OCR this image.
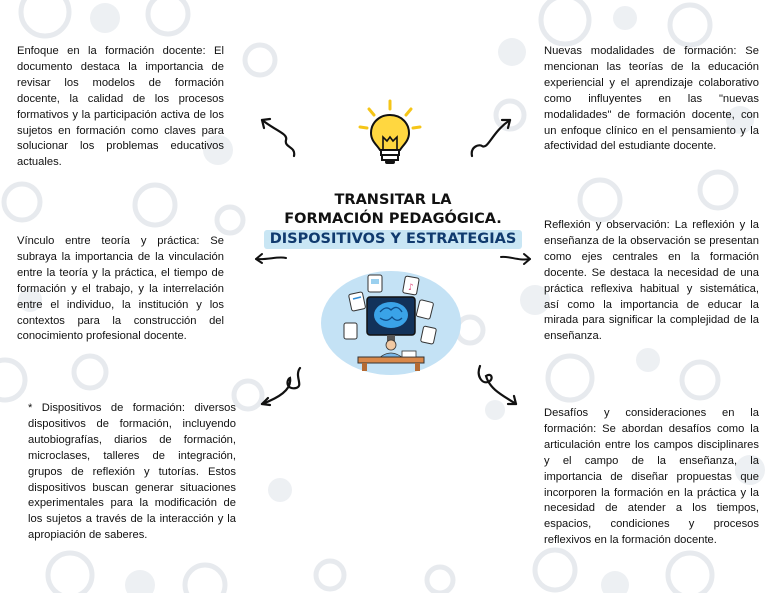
TRANSITAR LA
FORMACIÓN PEDAGÓGICA.
DISPOSITIVOS Y ESTRATEGIAS
♪
Enfoque en la formación docente: El documento destaca la importancia de revisar los modelos de formación docente, la calidad de los procesos formativos y la participación activa de los sujetos en formación como claves para solucionar los problemas educativos actuales.
Vínculo entre teoría y práctica: Se subraya la importancia de la vinculación entre la teoría y la práctica, el tiempo de formación y el trabajo, y la interrelación entre el individuo, la institución y los contextos para la construcción del conocimiento profesional docente.
* Dispositivos de formación: diversos dispositivos de formación, incluyendo autobiografías, diarios de formación, microclases, talleres de integración, grupos de reflexión y tutorías. Estos dispositivos buscan generar situaciones experimentales para la modificación de los sujetos a través de la interacción y la apropiación de saberes.
Nuevas modalidades de formación: Se mencionan las teorías de la educación experiencial y el aprendizaje colaborativo como influyentes en las "nuevas modalidades" de formación docente, con un enfoque clínico en el pensamiento y la afectividad del estudiante docente.
Reflexión y observación: La reflexión y la enseñanza de la observación se presentan como ejes centrales en la formación docente. Se destaca la necesidad de una práctica reflexiva habitual y sistemática, así como la importancia de educar la mirada para significar la complejidad de la enseñanza.
Desafíos y consideraciones en la formación: Se abordan desafíos como la articulación entre los campos disciplinares y el campo de la enseñanza, la importancia de diseñar propuestas que incorporen la formación en la práctica y la necesidad de atender a los tiempos, espacios, condiciones y procesos reflexivos en la formación docente.
